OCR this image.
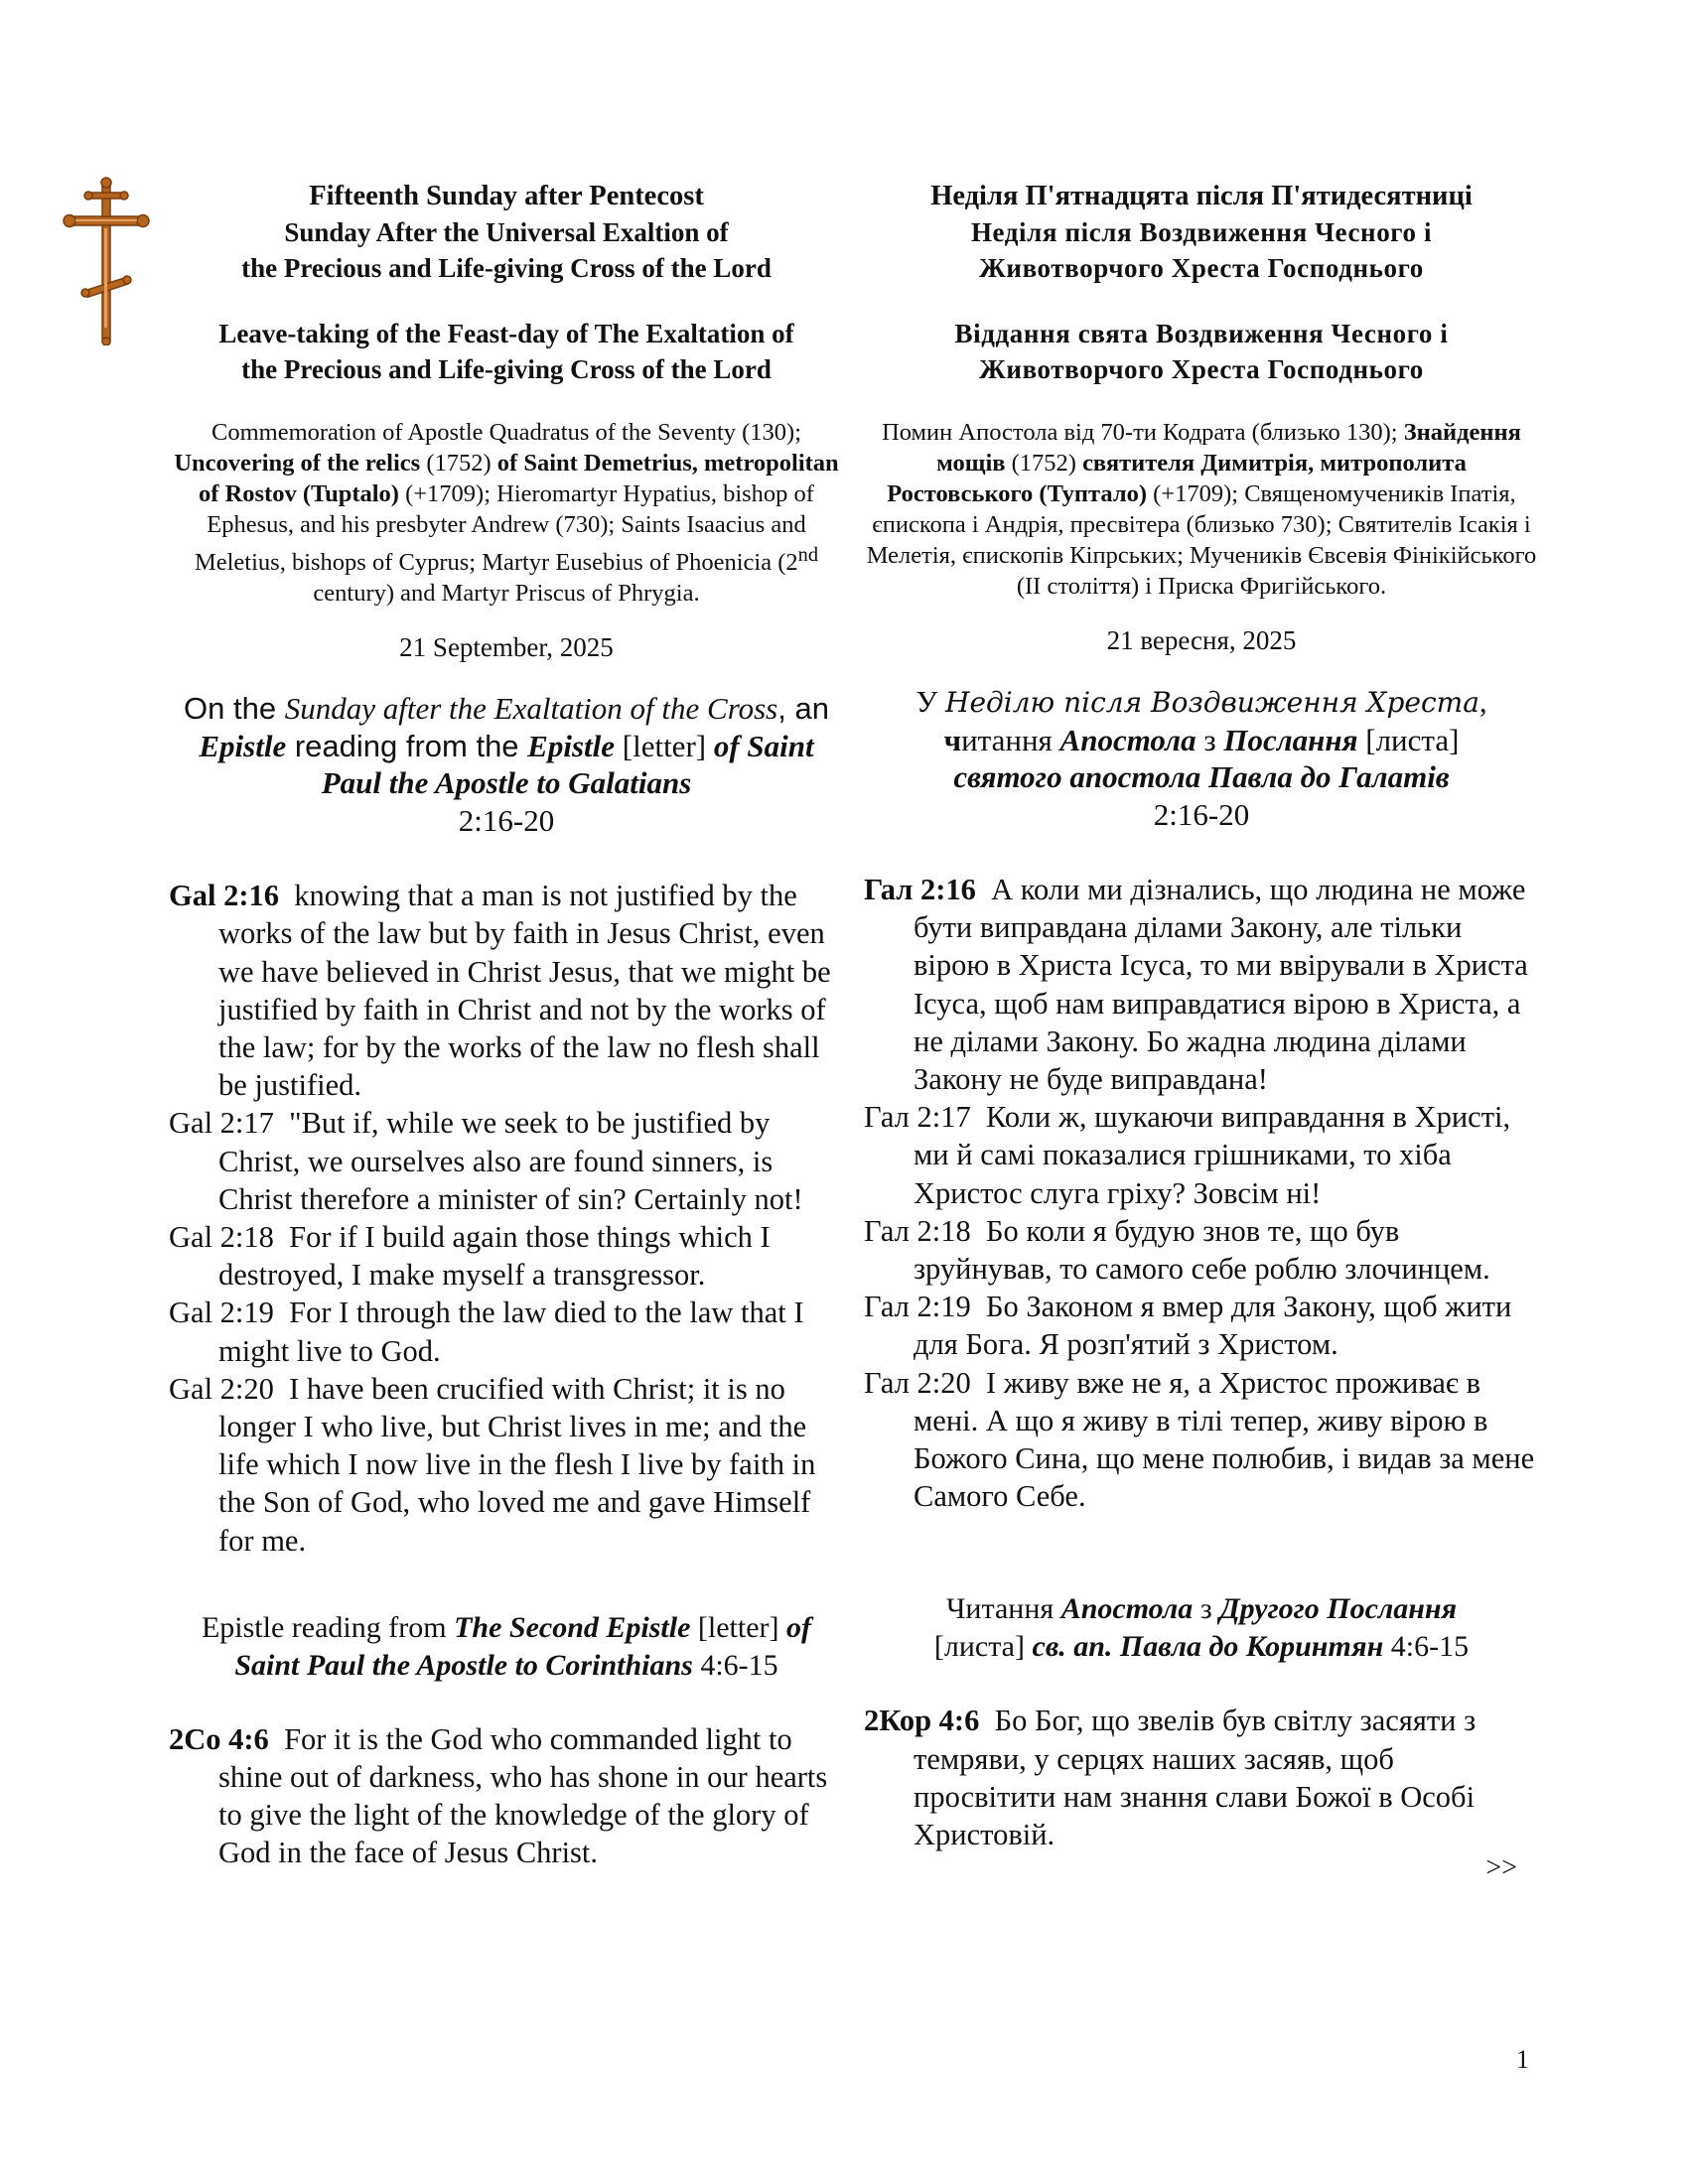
Fifteenth Sunday after Pentecost
Sunday After the Universal Exaltion of
the Precious and Life-giving Cross of the Lord
Leave-taking of the Feast-day of The Exaltation of
the Precious and Life-giving Cross of the Lord
Commemoration of Apostle Quadratus of the Seventy (130); Uncovering of the relics (1752) of Saint Demetrius, metropolitan of Rostov (Tuptalo) (+1709); Hieromartyr Hypatius, bishop of Ephesus, and his presbyter Andrew (730); Saints Isaacius and Meletius, bishops of Cyprus; Martyr Eusebius of Phoenicia (2nd century) and Martyr Priscus of Phrygia.
21 September, 2025
On the Sunday after the Exaltation of the Cross, an Epistle reading from the Epistle [letter] of Saint Paul the Apostle to Galatians
2:16-20
Gal 2:16 knowing that a man is not justified by the works of the law but by faith in Jesus Christ, even we have believed in Christ Jesus, that we might be justified by faith in Christ and not by the works of the law; for by the works of the law no flesh shall be justified.
Gal 2:17 "But if, while we seek to be justified by Christ, we ourselves also are found sinners, is Christ therefore a minister of sin? Certainly not!
Gal 2:18 For if I build again those things which I destroyed, I make myself a transgressor.
Gal 2:19 For I through the law died to the law that I might live to God.
Gal 2:20 I have been crucified with Christ; it is no longer I who live, but Christ lives in me; and the life which I now live in the flesh I live by faith in the Son of God, who loved me and gave Himself for me.
Epistle reading from The Second Epistle [letter] of Saint Paul the Apostle to Corinthians 4:6-15
2Co 4:6 For it is the God who commanded light to shine out of darkness, who has shone in our hearts to give the light of the knowledge of the glory of God in the face of Jesus Christ.
Неділя П'ятнадцята після П'ятидесятниці
Неділя після Воздвиження Чесного і
Животворчого Хреста Господнього
Віддання свята Воздвиження Чесного і
Животворчого Хреста Господнього
Помин Апостола від 70-ти Кодрата (близько 130); Знайдення мощів (1752) святителя Димитрія, митрополита Ростовського (Туптало) (+1709); Священомучеників Іпатія, єпископа і Андрія, пресвітера (близько 730); Святителів Ісакія і Мелетія, єпископів Кіпрських; Мучеників Євсевія Фінікійського (II століття) і Приска Фригійського.
21 вересня, 2025
У Неділю після Воздвиження Хреста,
читання Апостола з Послання [листа]
святого апостола Павла до Галатів
2:16-20
Гал 2:16 А коли ми дізнались, що людина не може бути виправдана ділами Закону, але тільки вірою в Христа Ісуса, то ми ввірували в Христа Ісуса, щоб нам виправдатися вірою в Христа, а не ділами Закону. Бо жадна людина ділами Закону не буде виправдана!
Гал 2:17 Коли ж, шукаючи виправдання в Христі, ми й самі показалися грішниками, то хіба Христос слуга гріху? Зовсім ні!
Гал 2:18 Бо коли я будую знов те, що був зруйнував, то самого себе роблю злочинцем.
Гал 2:19 Бо Законом я вмер для Закону, щоб жити для Бога. Я розп'ятий з Христом.
Гал 2:20 І живу вже не я, а Христос проживає в мені. А що я живу в тілі тепер, живу вірою в Божого Сина, що мене полюбив, і видав за мене Самого Себе.
Читання Апостола з Другого Послання
[листа] св. ап. Павла до Коринтян 4:6-15
2Кор 4:6 Бо Бог, що звелів був світлу засяяти з темряви, у серцях наших засяяв, щоб просвітити нам знання слави Божої в Особі Христовій.
>>
1
